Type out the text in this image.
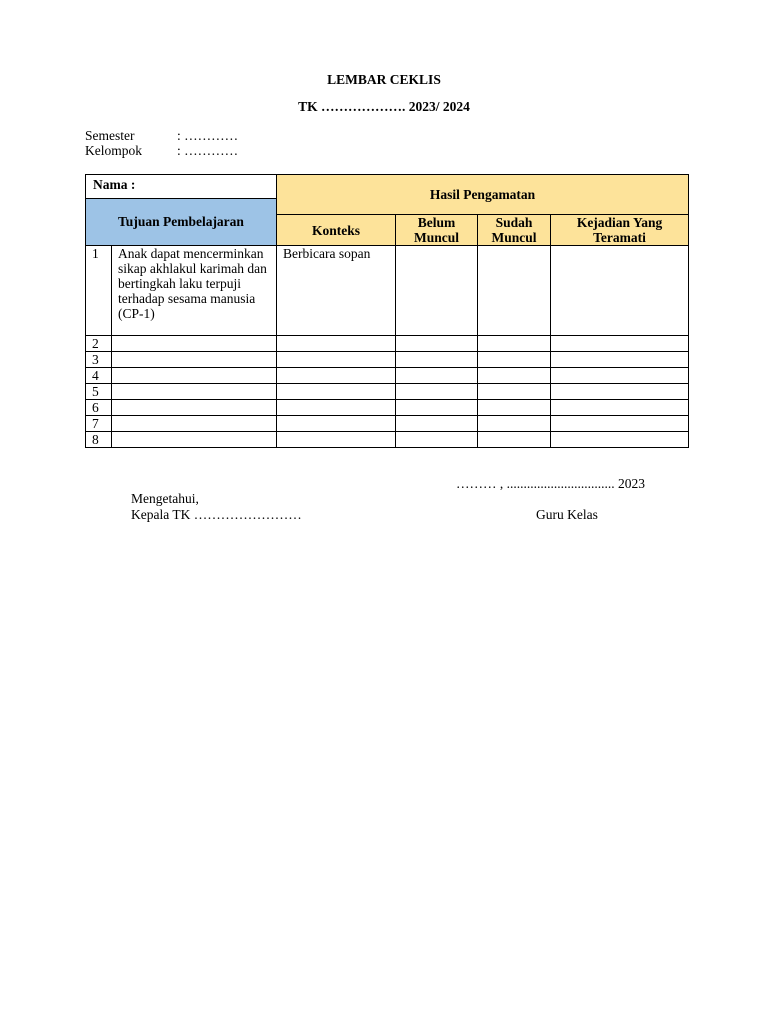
LEMBAR CEKLIS
TK ………………. 2023/ 2024
Semester	: …………
Kelompok	: …………
Nama :		Hasil Pengamatan			
Tujuan Pembelajaran					
		Konteks	Belum Muncul	Sudah Muncul	Kejadian Yang Teramati
1	Anak dapat mencerminkan sikap akhlakul karimah dan bertingkah laku terpuji terhadap sesama manusia (CP-1)	Berbicara sopan			
2					
3					
4					
5					
6					
7					
8					
……… , ................................ 2023
Mengetahui,
Kepala TK ……………………	Guru Kelas
